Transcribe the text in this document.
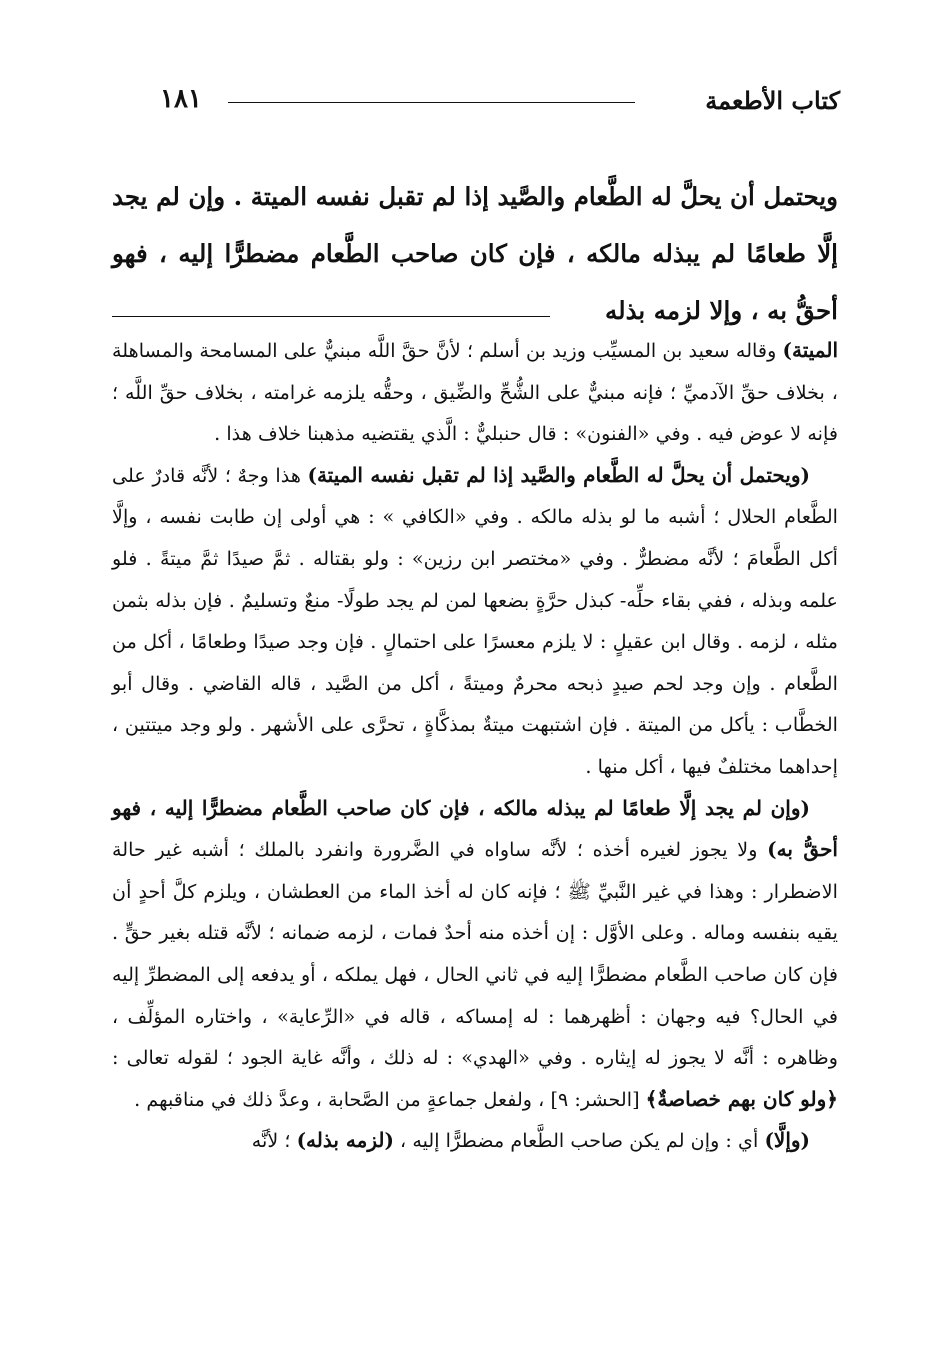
كتاب الأطعمة
١٨١
ويحتمل أن يحلَّ له الطَّعام والصَّيد إذا لم تقبل نفسه الميتة . وإن لم يجد إلَّا طعامًا لم يبذله مالكه ، فإن كان صاحب الطَّعام مضطرًّا إليه ، فهو أحقُّ به ، وإلا لزمه بذله

الميتة) وقاله سعيد بن المسيِّب وزيد بن أسلم ؛ لأنَّ حقَّ اللَّه مبنيٌّ على المسامحة والمساهلة ، بخلاف حقِّ الآدميِّ ؛ فإنه مبنيٌّ على الشُّحِّ والضِّيق ، وحقُّه يلزمه غرامته ، بخلاف حقِّ اللَّه ؛ فإنه لا عوض فيه . وفي «الفنون» : قال حنبليٌّ : الَّذي يقتضيه مذهبنا خلاف هذا .

(ويحتمل أن يحلَّ له الطَّعام والصَّيد إذا لم تقبل نفسه الميتة) هذا وجهٌ ؛ لأنَّه قادرٌ على الطَّعام الحلال ؛ أشبه ما لو بذله مالكه . وفي «الكافي » : هي أولى إن طابت نفسه ، وإلَّا أكل الطَّعامَ ؛ لأنَّه مضطرٌّ . وفي «مختصر ابن رزين» : ولو بقتاله . ثمَّ صيدًا ثمَّ ميتةً . فلو علمه وبذله ، ففي بقاء حلِّه- كبذل حرَّةٍ بضعها لمن لم يجد طولًا- منعٌ وتسليمٌ . فإن بذله بثمن مثله ، لزمه . وقال ابن عقيلٍ : لا يلزم معسرًا على احتمالٍ . فإن وجد صيدًا وطعامًا ، أكل من الطَّعام . وإن وجد لحم صيدٍ ذبحه محرمٌ وميتةً ، أكل من الصَّيد ، قاله القاضي . وقال أبو الخطَّاب : يأكل من الميتة . فإن اشتبهت ميتةٌ بمذكَّاةٍ ، تحرَّى على الأشهر . ولو وجد ميتتين ، إحداهما مختلفٌ فيها ، أكل منها .

(وإن لم يجد إلَّا طعامًا لم يبذله مالكه ، فإن كان صاحب الطَّعام مضطرًّا إليه ، فهو أحقُّ به) ولا يجوز لغيره أخذه ؛ لأنَّه ساواه في الضَّرورة وانفرد بالملك ؛ أشبه غير حالة الاضطرار : وهذا في غير النَّبيِّ ﷺ ؛ فإنه كان له أخذ الماء من العطشان ، ويلزم كلَّ أحدٍ أن يقيه بنفسه وماله . وعلى الأوَّل : إن أخذه منه أحدٌ فمات ، لزمه ضمانه ؛ لأنَّه قتله بغير حقٍّ . فإن كان صاحب الطَّعام مضطرًّا إليه في ثاني الحال ، فهل يملكه ، أو يدفعه إلى المضطرِّ إليه في الحال؟ فيه وجهان : أظهرهما : له إمساكه ، قاله في «الرِّعاية» ، واختاره المؤلِّف ، وظاهره : أنَّه لا يجوز له إيثاره . وفي «الهدي» : له ذلك ، وأنَّه غاية الجود ؛ لقوله تعالى : ﴿ولو كان بهم خصاصةٌ﴾ [الحشر: ٩] ، ولفعل جماعةٍ من الصَّحابة ، وعدَّ ذلك في مناقبهم .

(وإلَّا) أي : وإن لم يكن صاحب الطَّعام مضطرًّا إليه ، (لزمه بذله) ؛ لأنَّه
